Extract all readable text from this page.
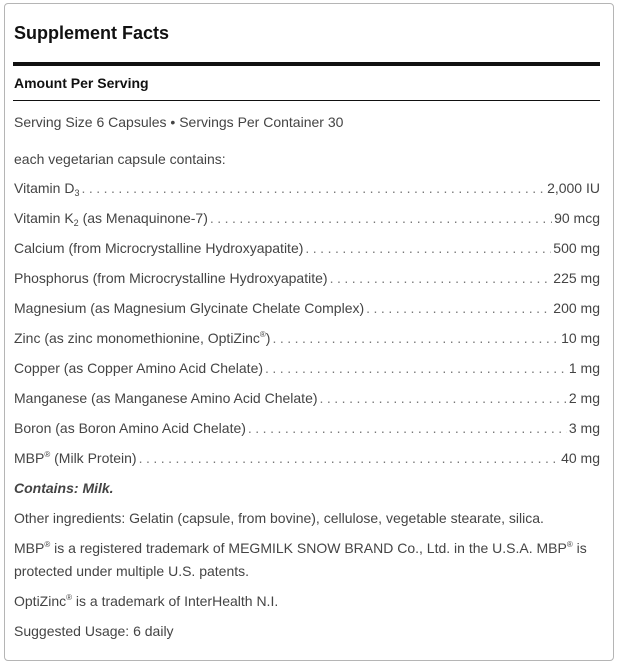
Supplement Facts
Amount Per Serving
Serving Size 6 Capsules • Servings Per Container 30
each vegetarian capsule contains:
Vitamin $D_3$ .....	2,000 IU
Vitamin $K_2$ (as Menaquinone-7) .....	90 mcg
Calcium (from Microcrystalline Hydroxyapatite) .....	500 mg
Phosphorus (from Microcrystalline Hydroxyapatite) .....	225 mg
Magnesium (as Magnesium Glycinate Chelate Complex) .....	200 mg
Zinc (as zinc monomethionine, OptiZinc®) .....	10 mg
Copper (as Copper Amino Acid Chelate) .....	1 mg
Manganese (as Manganese Amino Acid Chelate) .....	2 mg
Boron (as Boron Amino Acid Chelate) .....	3 mg
MBP® (Milk Protein) .....	40 mg
Contains: Milk.
Other ingredients: Gelatin (capsule, from bovine), cellulose, vegetable stearate, silica.
MBP® is a registered trademark of MEGMILK SNOW BRAND Co., Ltd. in the U.S.A. MBP® is protected under multiple U.S. patents.
OptiZinc® is a trademark of InterHealth N.I.
Suggested Usage: 6 daily
